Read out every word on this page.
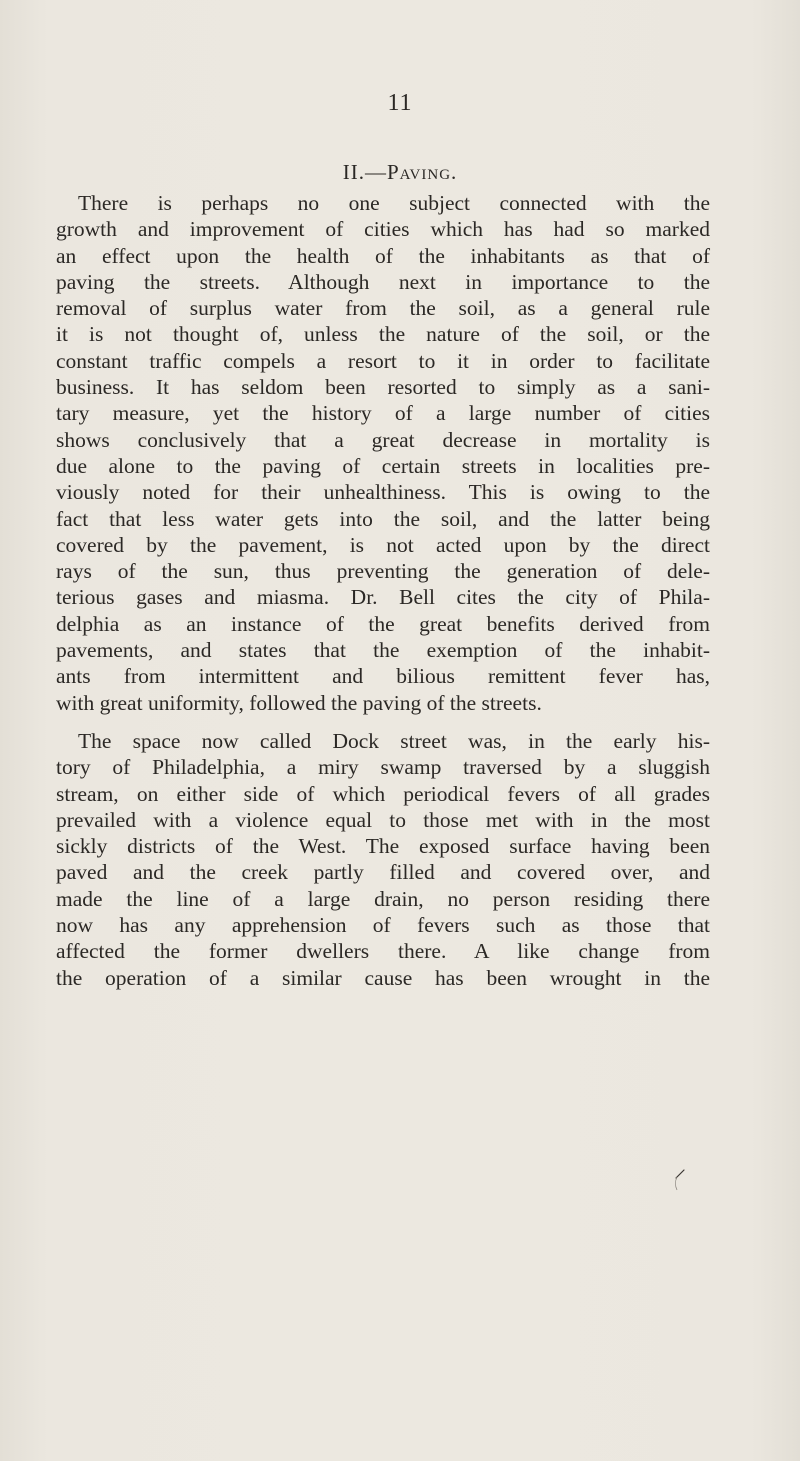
11
II.—Paving.
There is perhaps no one subject connected with the
growth and improvement of cities which has had so marked
an effect upon the health of the inhabitants as that of
paving the streets. Although next in importance to the
removal of surplus water from the soil, as a general rule
it is not thought of, unless the nature of the soil, or the
constant traffic compels a resort to it in order to facilitate
business. It has seldom been resorted to simply as a sani-
tary measure, yet the history of a large number of cities
shows conclusively that a great decrease in mortality is
due alone to the paving of certain streets in localities pre-
viously noted for their unhealthiness. This is owing to the
fact that less water gets into the soil, and the latter being
covered by the pavement, is not acted upon by the direct
rays of the sun, thus preventing the generation of dele-
terious gases and miasma. Dr. Bell cites the city of Phila-
delphia as an instance of the great benefits derived from
pavements, and states that the exemption of the inhabit-
ants from intermittent and bilious remittent fever has,
with great uniformity, followed the paving of the streets.
The space now called Dock street was, in the early his-
tory of Philadelphia, a miry swamp traversed by a sluggish
stream, on either side of which periodical fevers of all grades
prevailed with a violence equal to those met with in the most
sickly districts of the West. The exposed surface having been
paved and the creek partly filled and covered over, and
made the line of a large drain, no person residing there
now has any apprehension of fevers such as those that
affected the former dwellers there. A like change from
the operation of a similar cause has been wrought in the
